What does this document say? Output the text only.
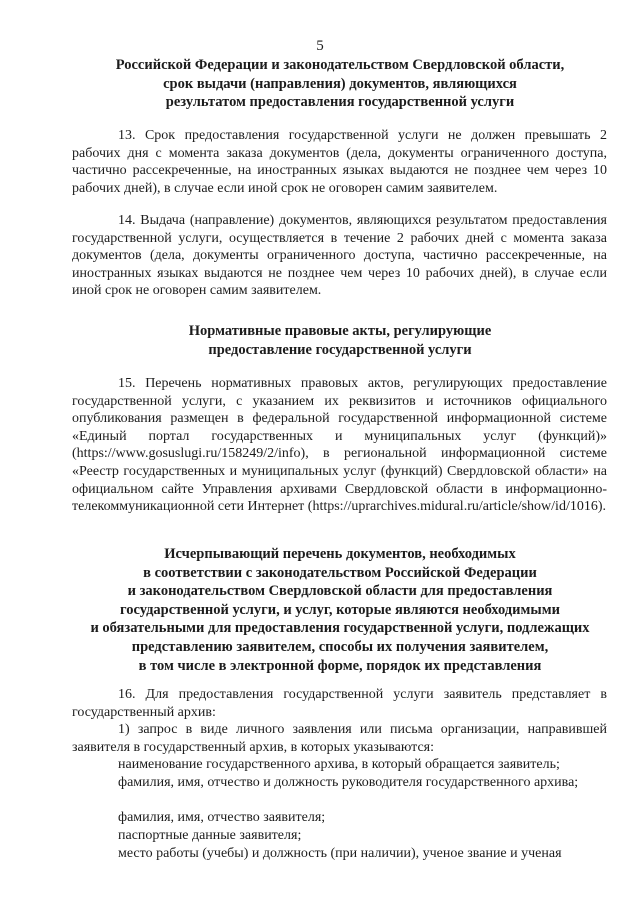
5
Российской Федерации и законодательством Свердловской области,
срок выдачи (направления) документов, являющихся
результатом предоставления государственной услуги

13. Срок предоставления государственной услуги не должен превышать 2 рабочих дня с момента заказа документов (дела, документы ограниченного доступа, частично рассекреченные, на иностранных языках выдаются не позднее чем через 10 рабочих дней), в случае если иной срок не оговорен самим заявителем.

14. Выдача (направление) документов, являющихся результатом предоставления государственной услуги, осуществляется в течение 2 рабочих дней с момента заказа документов (дела, документы ограниченного доступа, частично рассекреченные, на иностранных языках выдаются не позднее чем через 10 рабочих дней), в случае если иной срок не оговорен самим заявителем.

Нормативные правовые акты, регулирующие
предоставление государственной услуги

15. Перечень нормативных правовых актов, регулирующих предоставление государственной услуги, с указанием их реквизитов и источников официального опубликования размещен в федеральной государственной информационной системе «Единый портал государственных и муниципальных услуг (функций)» (https://www.gosuslugi.ru/158249/2/info), в региональной информационной системе «Реестр государственных и муниципальных услуг (функций) Свердловской области» на официальном сайте Управления архивами Свердловской области в информационно-телекоммуникационной сети Интернет (https://uprarchives.midural.ru/article/show/id/1016).

Исчерпывающий перечень документов, необходимых
в соответствии с законодательством Российской Федерации
и законодательством Свердловской области для предоставления
государственной услуги, и услуг, которые являются необходимыми
и обязательными для предоставления государственной услуги, подлежащих
представлению заявителем, способы их получения заявителем,
в том числе в электронной форме, порядок их представления

16. Для предоставления государственной услуги заявитель представляет в государственный архив:

1) запрос в виде личного заявления или письма организации, направившей заявителя в государственный архив, в которых указываются:

наименование государственного архива, в который обращается заявитель;

фамилия, имя, отчество и должность руководителя государственного архива;

фамилия, имя, отчество заявителя;

паспортные данные заявителя;

место работы (учебы) и должность (при наличии), ученое звание и ученая
